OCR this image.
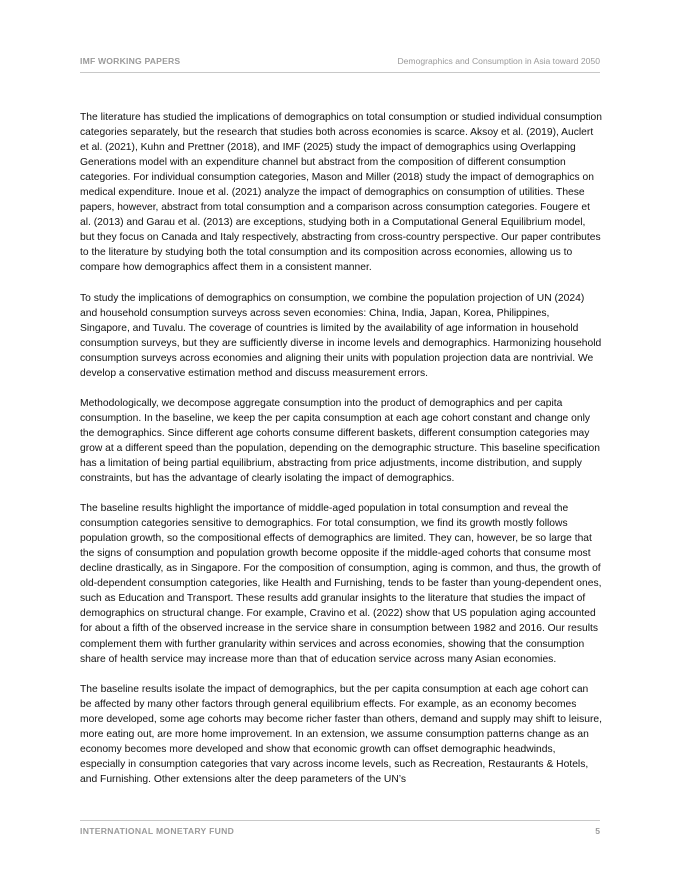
IMF WORKING PAPERS	Demographics and Consumption in Asia toward 2050

The literature has studied the implications of demographics on total consumption or studied individual consumption categories separately, but the research that studies both across economies is scarce. Aksoy et al. (2019), Auclert et al. (2021), Kuhn and Prettner (2018), and IMF (2025) study the impact of demographics using Overlapping Generations model with an expenditure channel but abstract from the composition of different consumption categories. For individual consumption categories, Mason and Miller (2018) study the impact of demographics on medical expenditure. Inoue et al. (2021) analyze the impact of demographics on consumption of utilities. These papers, however, abstract from total consumption and a comparison across consumption categories. Fougere et al. (2013) and Garau et al. (2013) are exceptions, studying both in a Computational General Equilibrium model, but they focus on Canada and Italy respectively, abstracting from cross-country perspective. Our paper contributes to the literature by studying both the total consumption and its composition across economies, allowing us to compare how demographics affect them in a consistent manner.

To study the implications of demographics on consumption, we combine the population projection of UN (2024) and household consumption surveys across seven economies: China, India, Japan, Korea, Philippines, Singapore, and Tuvalu. The coverage of countries is limited by the availability of age information in household consumption surveys, but they are sufficiently diverse in income levels and demographics. Harmonizing household consumption surveys across economies and aligning their units with population projection data are nontrivial. We develop a conservative estimation method and discuss measurement errors.

Methodologically, we decompose aggregate consumption into the product of demographics and per capita consumption. In the baseline, we keep the per capita consumption at each age cohort constant and change only the demographics. Since different age cohorts consume different baskets, different consumption categories may grow at a different speed than the population, depending on the demographic structure. This baseline specification has a limitation of being partial equilibrium, abstracting from price adjustments, income distribution, and supply constraints, but has the advantage of clearly isolating the impact of demographics.

The baseline results highlight the importance of middle-aged population in total consumption and reveal the consumption categories sensitive to demographics. For total consumption, we find its growth mostly follows population growth, so the compositional effects of demographics are limited. They can, however, be so large that the signs of consumption and population growth become opposite if the middle-aged cohorts that consume most decline drastically, as in Singapore. For the composition of consumption, aging is common, and thus, the growth of old-dependent consumption categories, like Health and Furnishing, tends to be faster than young-dependent ones, such as Education and Transport. These results add granular insights to the literature that studies the impact of demographics on structural change. For example, Cravino et al. (2022) show that US population aging accounted for about a fifth of the observed increase in the service share in consumption between 1982 and 2016. Our results complement them with further granularity within services and across economies, showing that the consumption share of health service may increase more than that of education service across many Asian economies.

The baseline results isolate the impact of demographics, but the per capita consumption at each age cohort can be affected by many other factors through general equilibrium effects. For example, as an economy becomes more developed, some age cohorts may become richer faster than others, demand and supply may shift to leisure, more eating out, are more home improvement. In an extension, we assume consumption patterns change as an economy becomes more developed and show that economic growth can offset demographic headwinds, especially in consumption categories that vary across income levels, such as Recreation, Restaurants & Hotels, and Furnishing. Other extensions alter the deep parameters of the UN’s

INTERNATIONAL MONETARY FUND	5
